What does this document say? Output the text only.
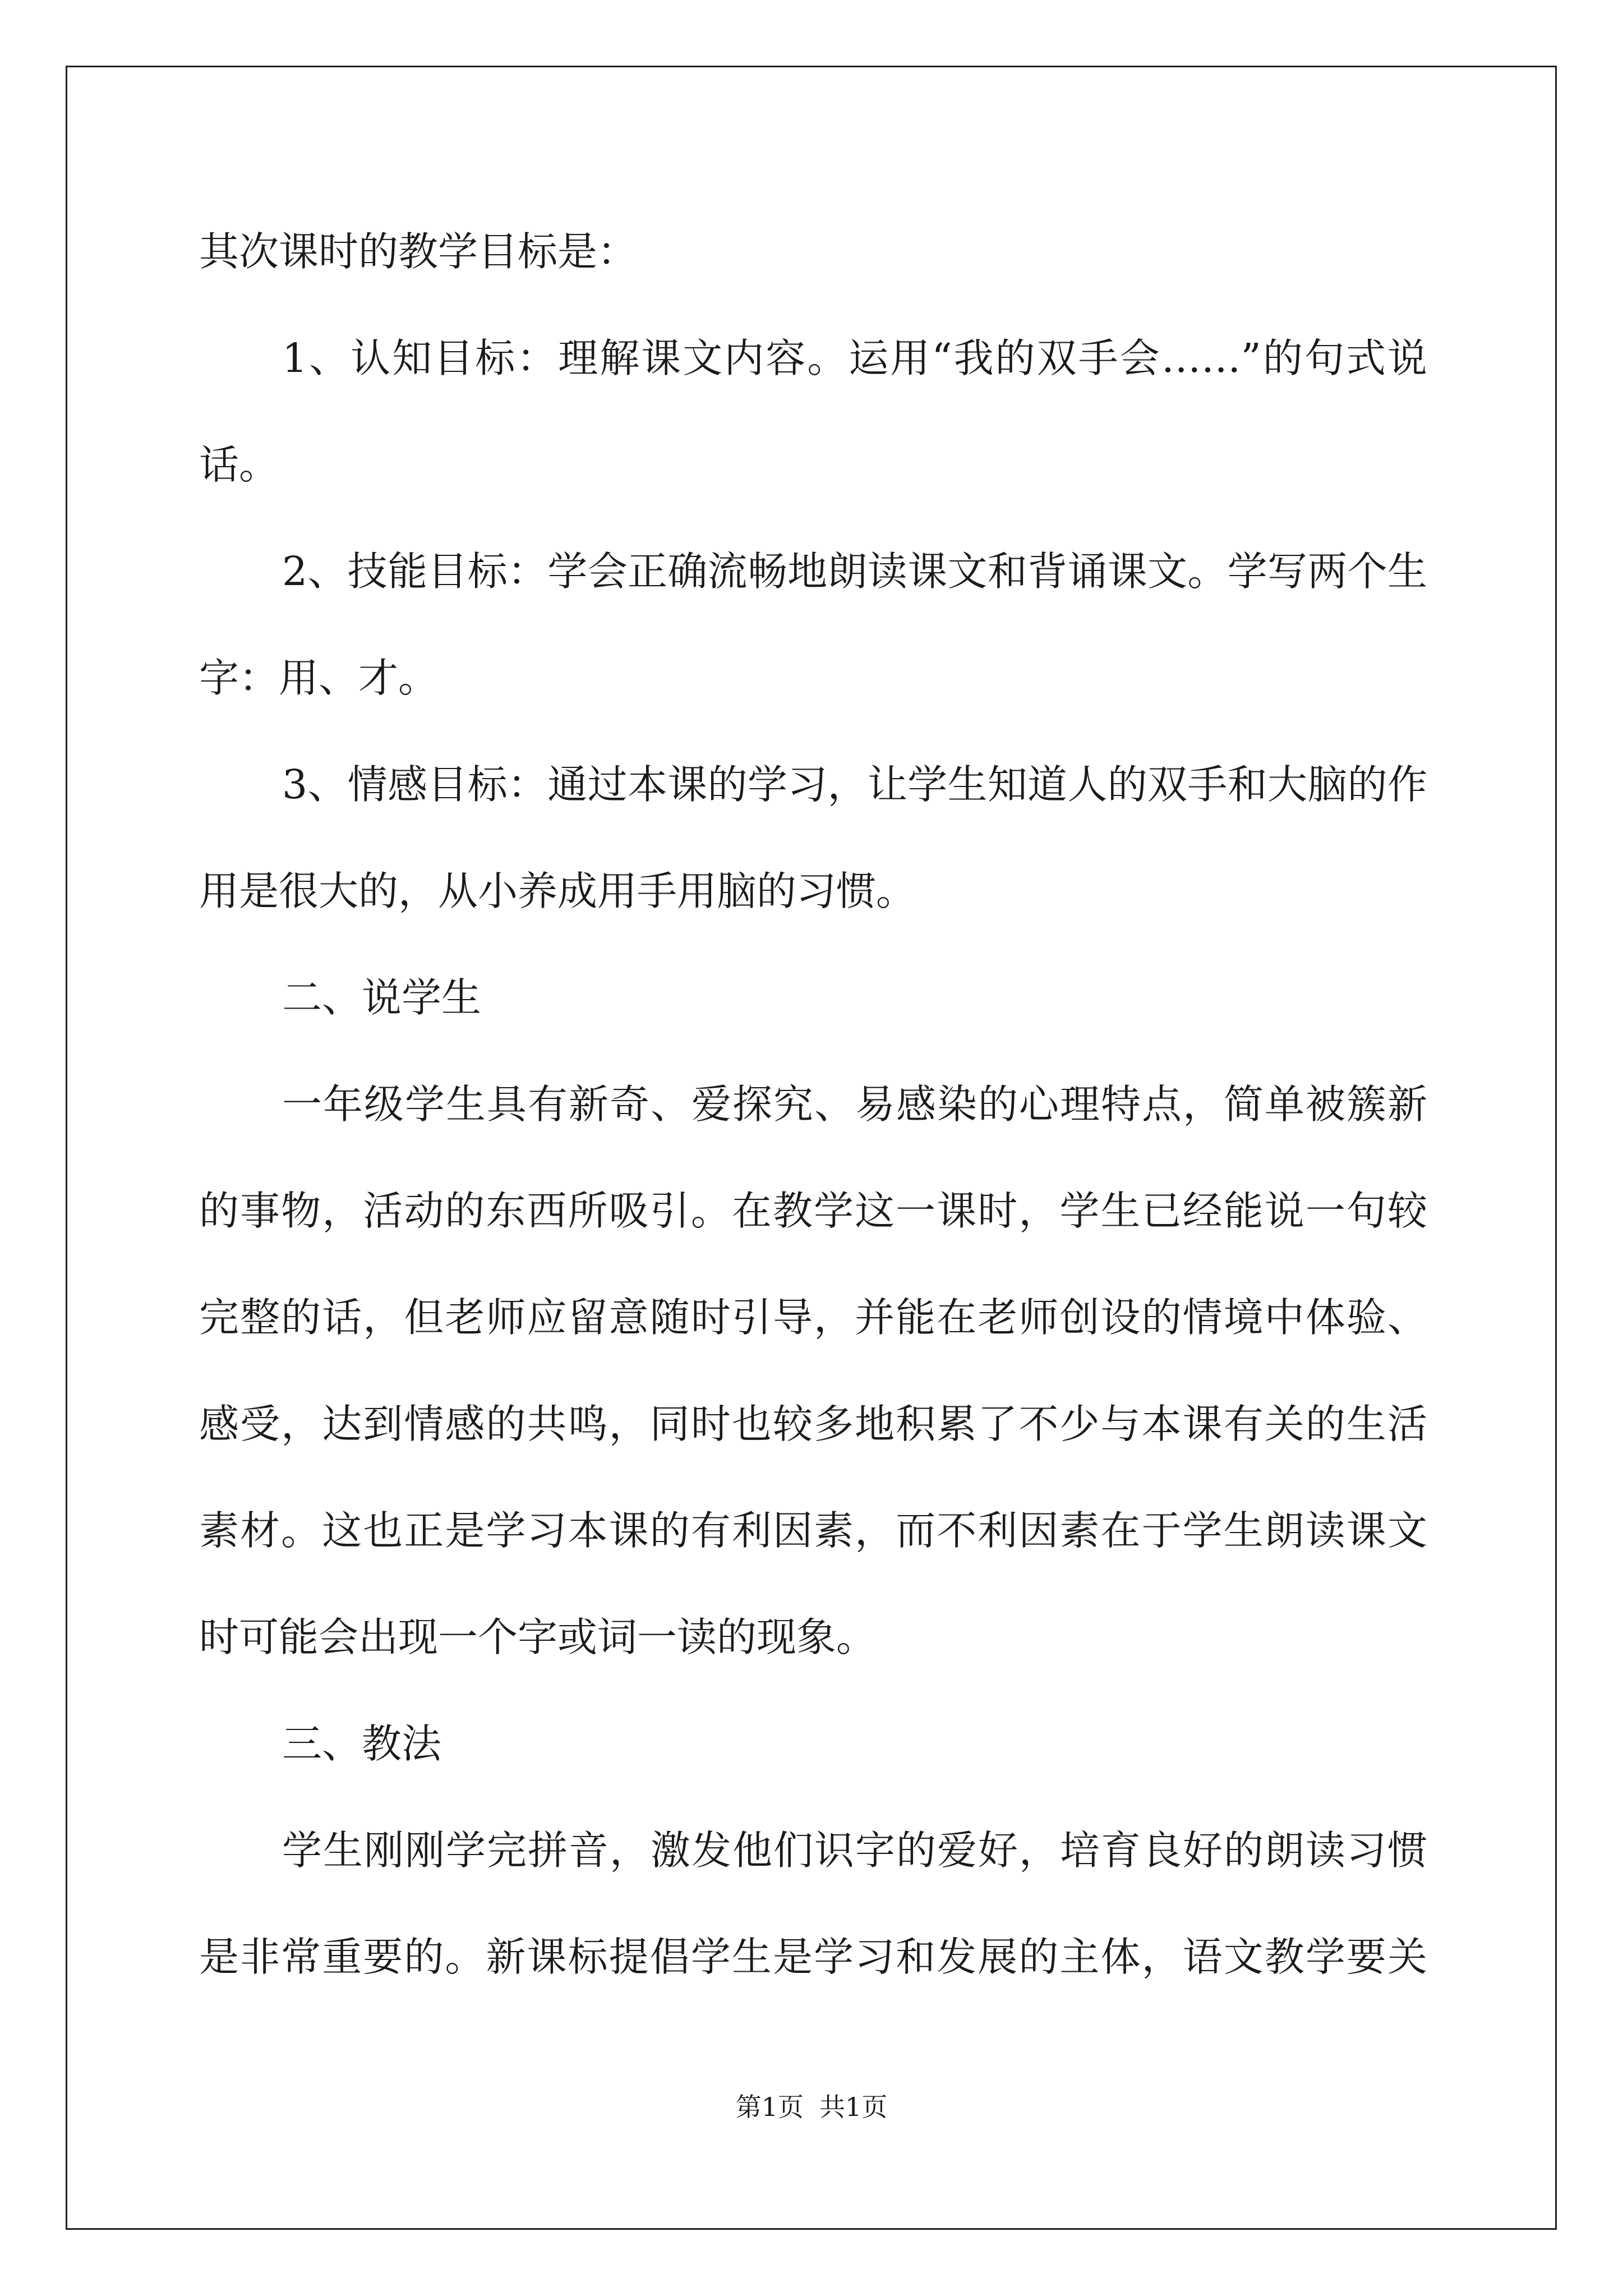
其次课时的教学目标是：
1、认知目标：理解课文内容。运用“我的双手会……”的句式说
话。
2、技能目标：学会正确流畅地朗读课文和背诵课文。学写两个生
字：用、才。
3、情感目标：通过本课的学习，让学生知道人的双手和大脑的作
用是很大的，从小养成用手用脑的习惯。
二、说学生
一年级学生具有新奇、爱探究、易感染的心理特点，简单被簇新
的事物，活动的东西所吸引。在教学这一课时，学生已经能说一句较
完整的话，但老师应留意随时引导，并能在老师创设的情境中体验、
感受，达到情感的共鸣，同时也较多地积累了不少与本课有关的生活
素材。这也正是学习本课的有利因素，而不利因素在于学生朗读课文
时可能会出现一个字或词一读的现象。
三、教法
学生刚刚学完拼音，激发他们识字的爱好，培育良好的朗读习惯
是非常重要的。新课标提倡学生是学习和发展的主体，语文教学要关
第1页 共1页
